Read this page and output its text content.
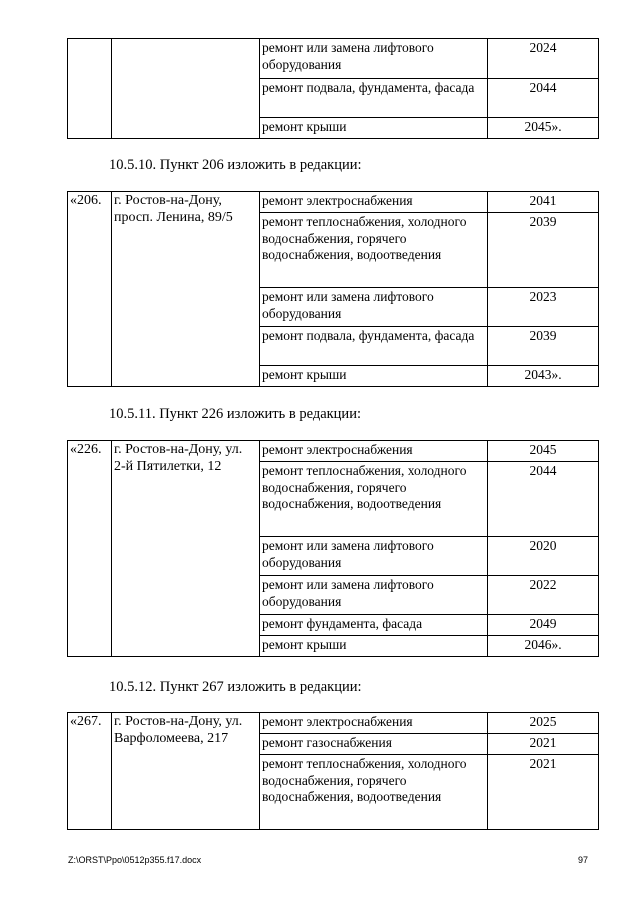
		ремонт или замена лифтового оборудования	2024
		ремонт подвала, фундамента, фасада	2044
		ремонт крыши	2045».
10.5.10. Пункт 206 изложить в редакции:
«206.	г. Ростов-на-Дону, просп. Ленина, 89/5	ремонт электроснабжения	2041
		ремонт теплоснабжения, холодного водоснабжения, горячего водоснабжения, водоотведения	2039
		ремонт или замена лифтового оборудования	2023
		ремонт подвала, фундамента, фасада	2039
		ремонт крыши	2043».
10.5.11. Пункт 226 изложить в редакции:
«226.	г. Ростов-на-Дону, ул. 2-й Пятилетки, 12	ремонт электроснабжения	2045
		ремонт теплоснабжения, холодного водоснабжения, горячего водоснабжения, водоотведения	2044
		ремонт или замена лифтового оборудования	2020
		ремонт или замена лифтового оборудования	2022
		ремонт фундамента, фасада	2049
		ремонт крыши	2046».
10.5.12. Пункт 267 изложить в редакции:
«267.	г. Ростов-на-Дону, ул. Варфоломеева, 217	ремонт электроснабжения	2025
		ремонт газоснабжения	2021
		ремонт теплоснабжения, холодного водоснабжения, горячего водоснабжения, водоотведения	2021
Z:\ORST\Ppo\0512p355.f17.docx	97
